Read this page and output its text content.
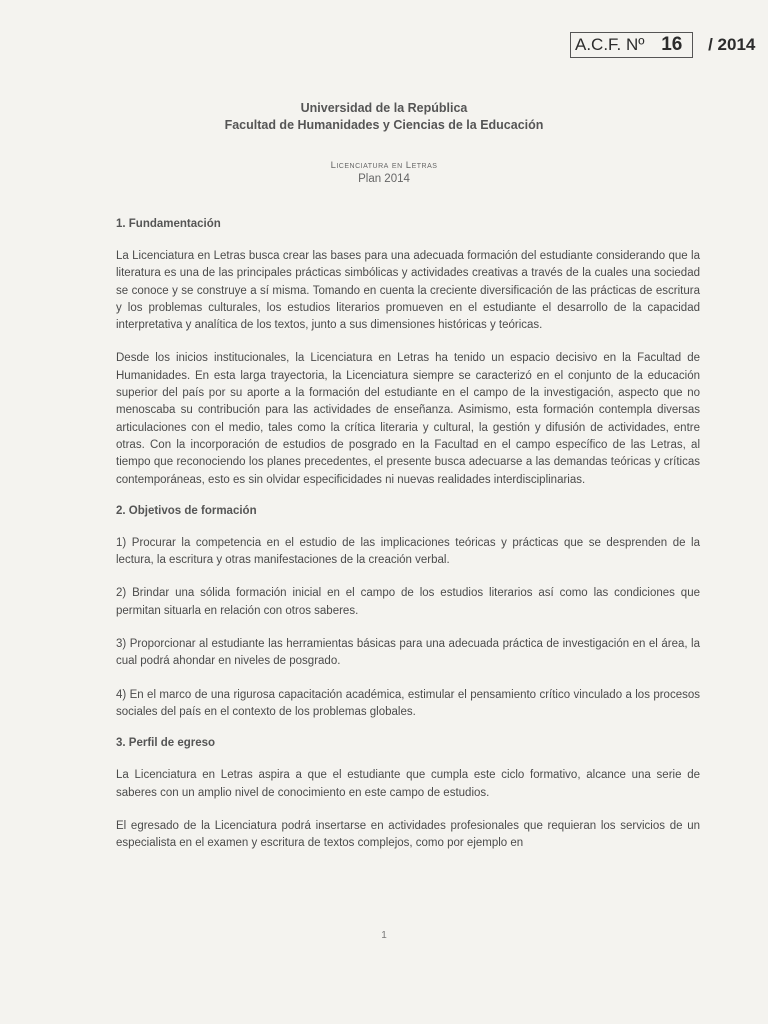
A.C.F. Nº 16 / 2014
Universidad de la República
Facultad de Humanidades y Ciencias de la Educación
Licenciatura en Letras
Plan 2014
1. Fundamentación

La Licenciatura en Letras busca crear las bases para una adecuada formación del estudiante considerando que la literatura es una de las principales prácticas simbólicas y actividades creativas a través de la cuales una sociedad se conoce y se construye a sí misma. Tomando en cuenta la creciente diversificación de las prácticas de escritura y los problemas culturales, los estudios literarios promueven en el estudiante el desarrollo de la capacidad interpretativa y analítica de los textos, junto a sus dimensiones históricas y teóricas.

Desde los inicios institucionales, la Licenciatura en Letras ha tenido un espacio decisivo en la Facultad de Humanidades. En esta larga trayectoria, la Licenciatura siempre se caracterizó en el conjunto de la educación superior del país por su aporte a la formación del estudiante en el campo de la investigación, aspecto que no menoscaba su contribución para las actividades de enseñanza. Asimismo, esta formación contempla diversas articulaciones con el medio, tales como la crítica literaria y cultural, la gestión y difusión de actividades, entre otras. Con la incorporación de estudios de posgrado en la Facultad en el campo específico de las Letras, al tiempo que reconociendo los planes precedentes, el presente busca adecuarse a las demandas teóricas y críticas contemporáneas, esto es sin olvidar especificidades ni nuevas realidades interdisciplinarias.

2. Objetivos de formación

1) Procurar la competencia en el estudio de las implicaciones teóricas y prácticas que se desprenden de la lectura, la escritura y otras manifestaciones de la creación verbal.

2) Brindar una sólida formación inicial en el campo de los estudios literarios así como las condiciones que permitan situarla en relación con otros saberes.

3) Proporcionar al estudiante las herramientas básicas para una adecuada práctica de investigación en el área, la cual podrá ahondar en niveles de posgrado.

4) En el marco de una rigurosa capacitación académica, estimular el pensamiento crítico vinculado a los procesos sociales del país en el contexto de los problemas globales.

3. Perfil de egreso

La Licenciatura en Letras aspira a que el estudiante que cumpla este ciclo formativo, alcance una serie de saberes con un amplio nivel de conocimiento en este campo de estudios.

El egresado de la Licenciatura podrá insertarse en actividades profesionales que requieran los servicios de un especialista en el examen y escritura de textos complejos, como por ejemplo en

1
